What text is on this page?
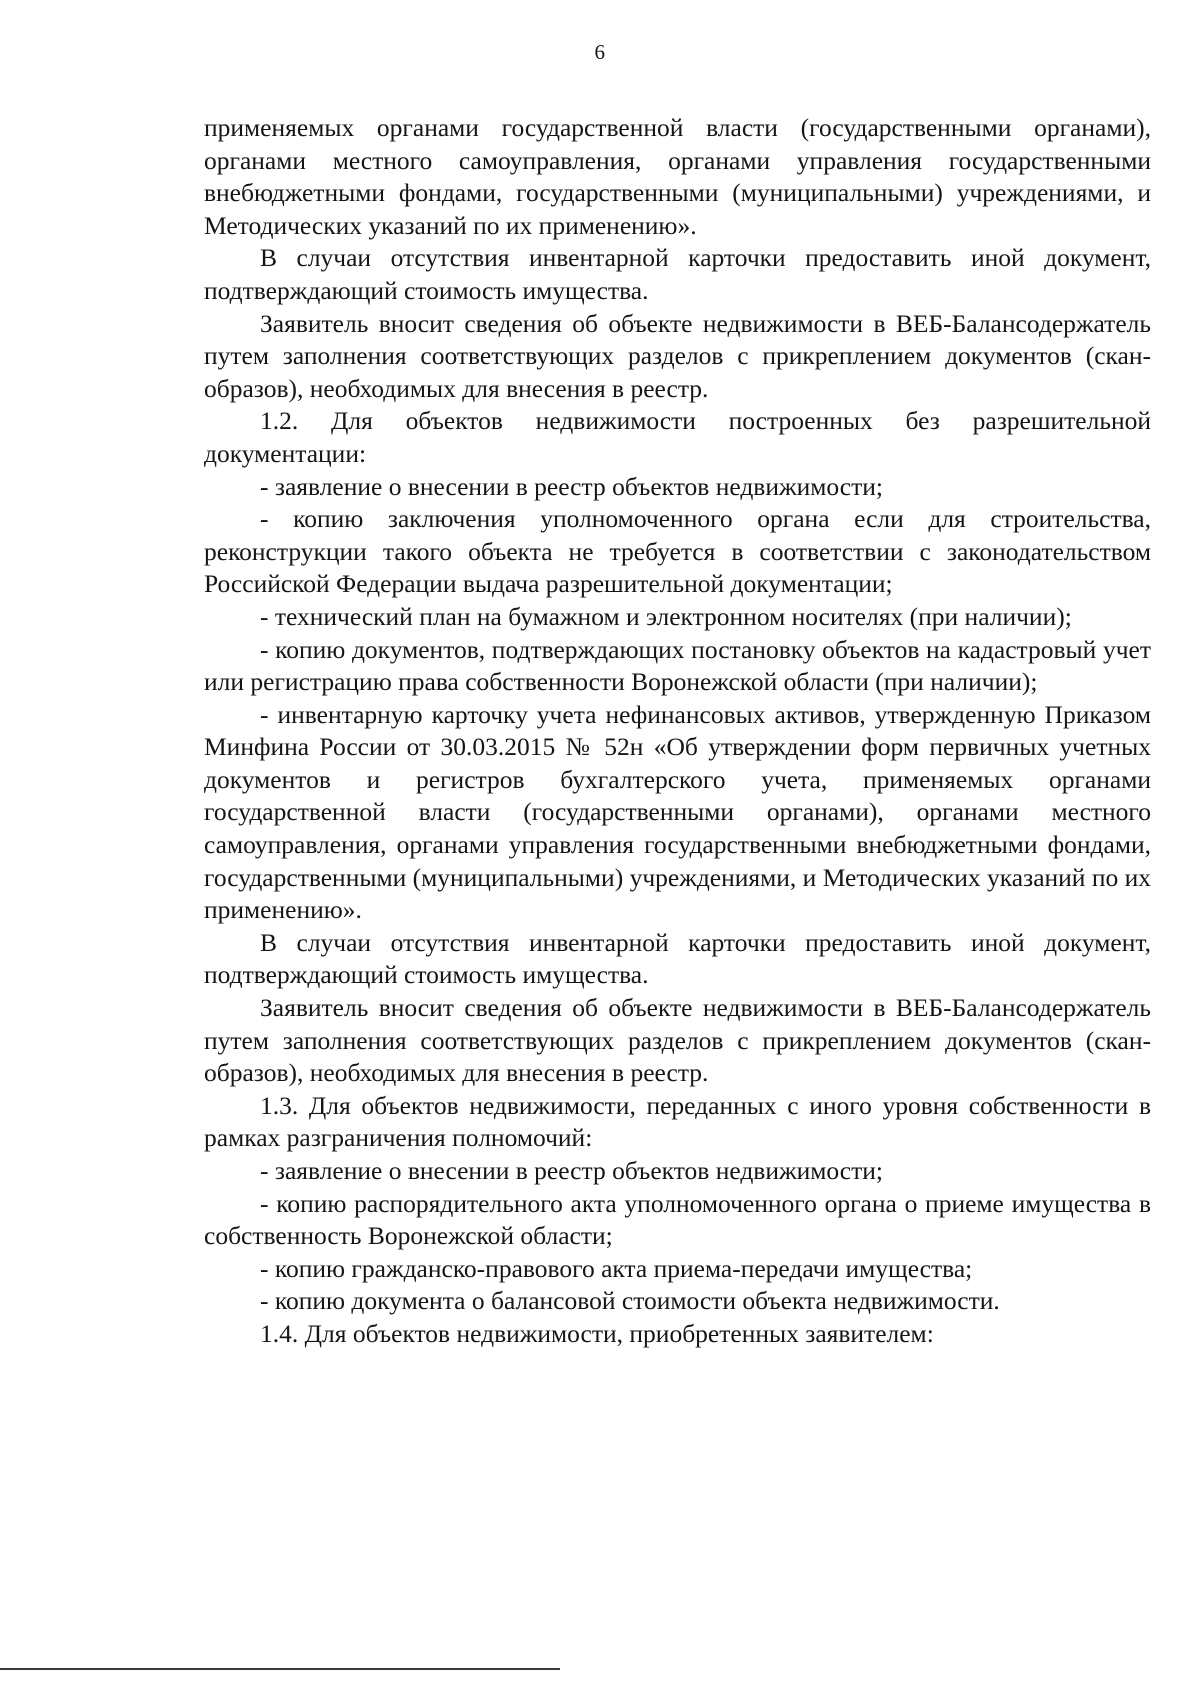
6

применяемых органами государственной власти (государственными органами), органами местного самоуправления, органами управления государственными внебюджетными фондами, государственными (муниципальными) учреждениями, и Методических указаний по их применению».

В случаи отсутствия инвентарной карточки предоставить иной документ, подтверждающий стоимость имущества.

Заявитель вносит сведения об объекте недвижимости в ВЕБ-Балансодержатель путем заполнения соответствующих разделов с прикреплением документов (скан-образов), необходимых для внесения в реестр.

1.2. Для объектов недвижимости построенных без разрешительной документации:

- заявление о внесении в реестр объектов недвижимости;

- копию заключения уполномоченного органа если для строительства, реконструкции такого объекта не требуется в соответствии с законодательством Российской Федерации выдача разрешительной документации;

- технический план на бумажном и электронном носителях (при наличии);

- копию документов, подтверждающих постановку объектов на кадастровый учет или регистрацию права собственности Воронежской области (при наличии);

- инвентарную карточку учета нефинансовых активов, утвержденную Приказом Минфина России от 30.03.2015 № 52н «Об утверждении форм первичных учетных документов и регистров бухгалтерского учета, применяемых органами государственной власти (государственными органами), органами местного самоуправления, органами управления государственными внебюджетными фондами, государственными (муниципальными) учреждениями, и Методических указаний по их применению».

В случаи отсутствия инвентарной карточки предоставить иной документ, подтверждающий стоимость имущества.

Заявитель вносит сведения об объекте недвижимости в ВЕБ-Балансодержатель путем заполнения соответствующих разделов с прикреплением документов (скан-образов), необходимых для внесения в реестр.

1.3. Для объектов недвижимости, переданных с иного уровня собственности в рамках разграничения полномочий:

- заявление о внесении в реестр объектов недвижимости;

- копию распорядительного акта уполномоченного органа о приеме имущества в собственность Воронежской области;

- копию гражданско-правового акта приема-передачи имущества;

- копию документа о балансовой стоимости объекта недвижимости.

1.4. Для объектов недвижимости, приобретенных заявителем:
